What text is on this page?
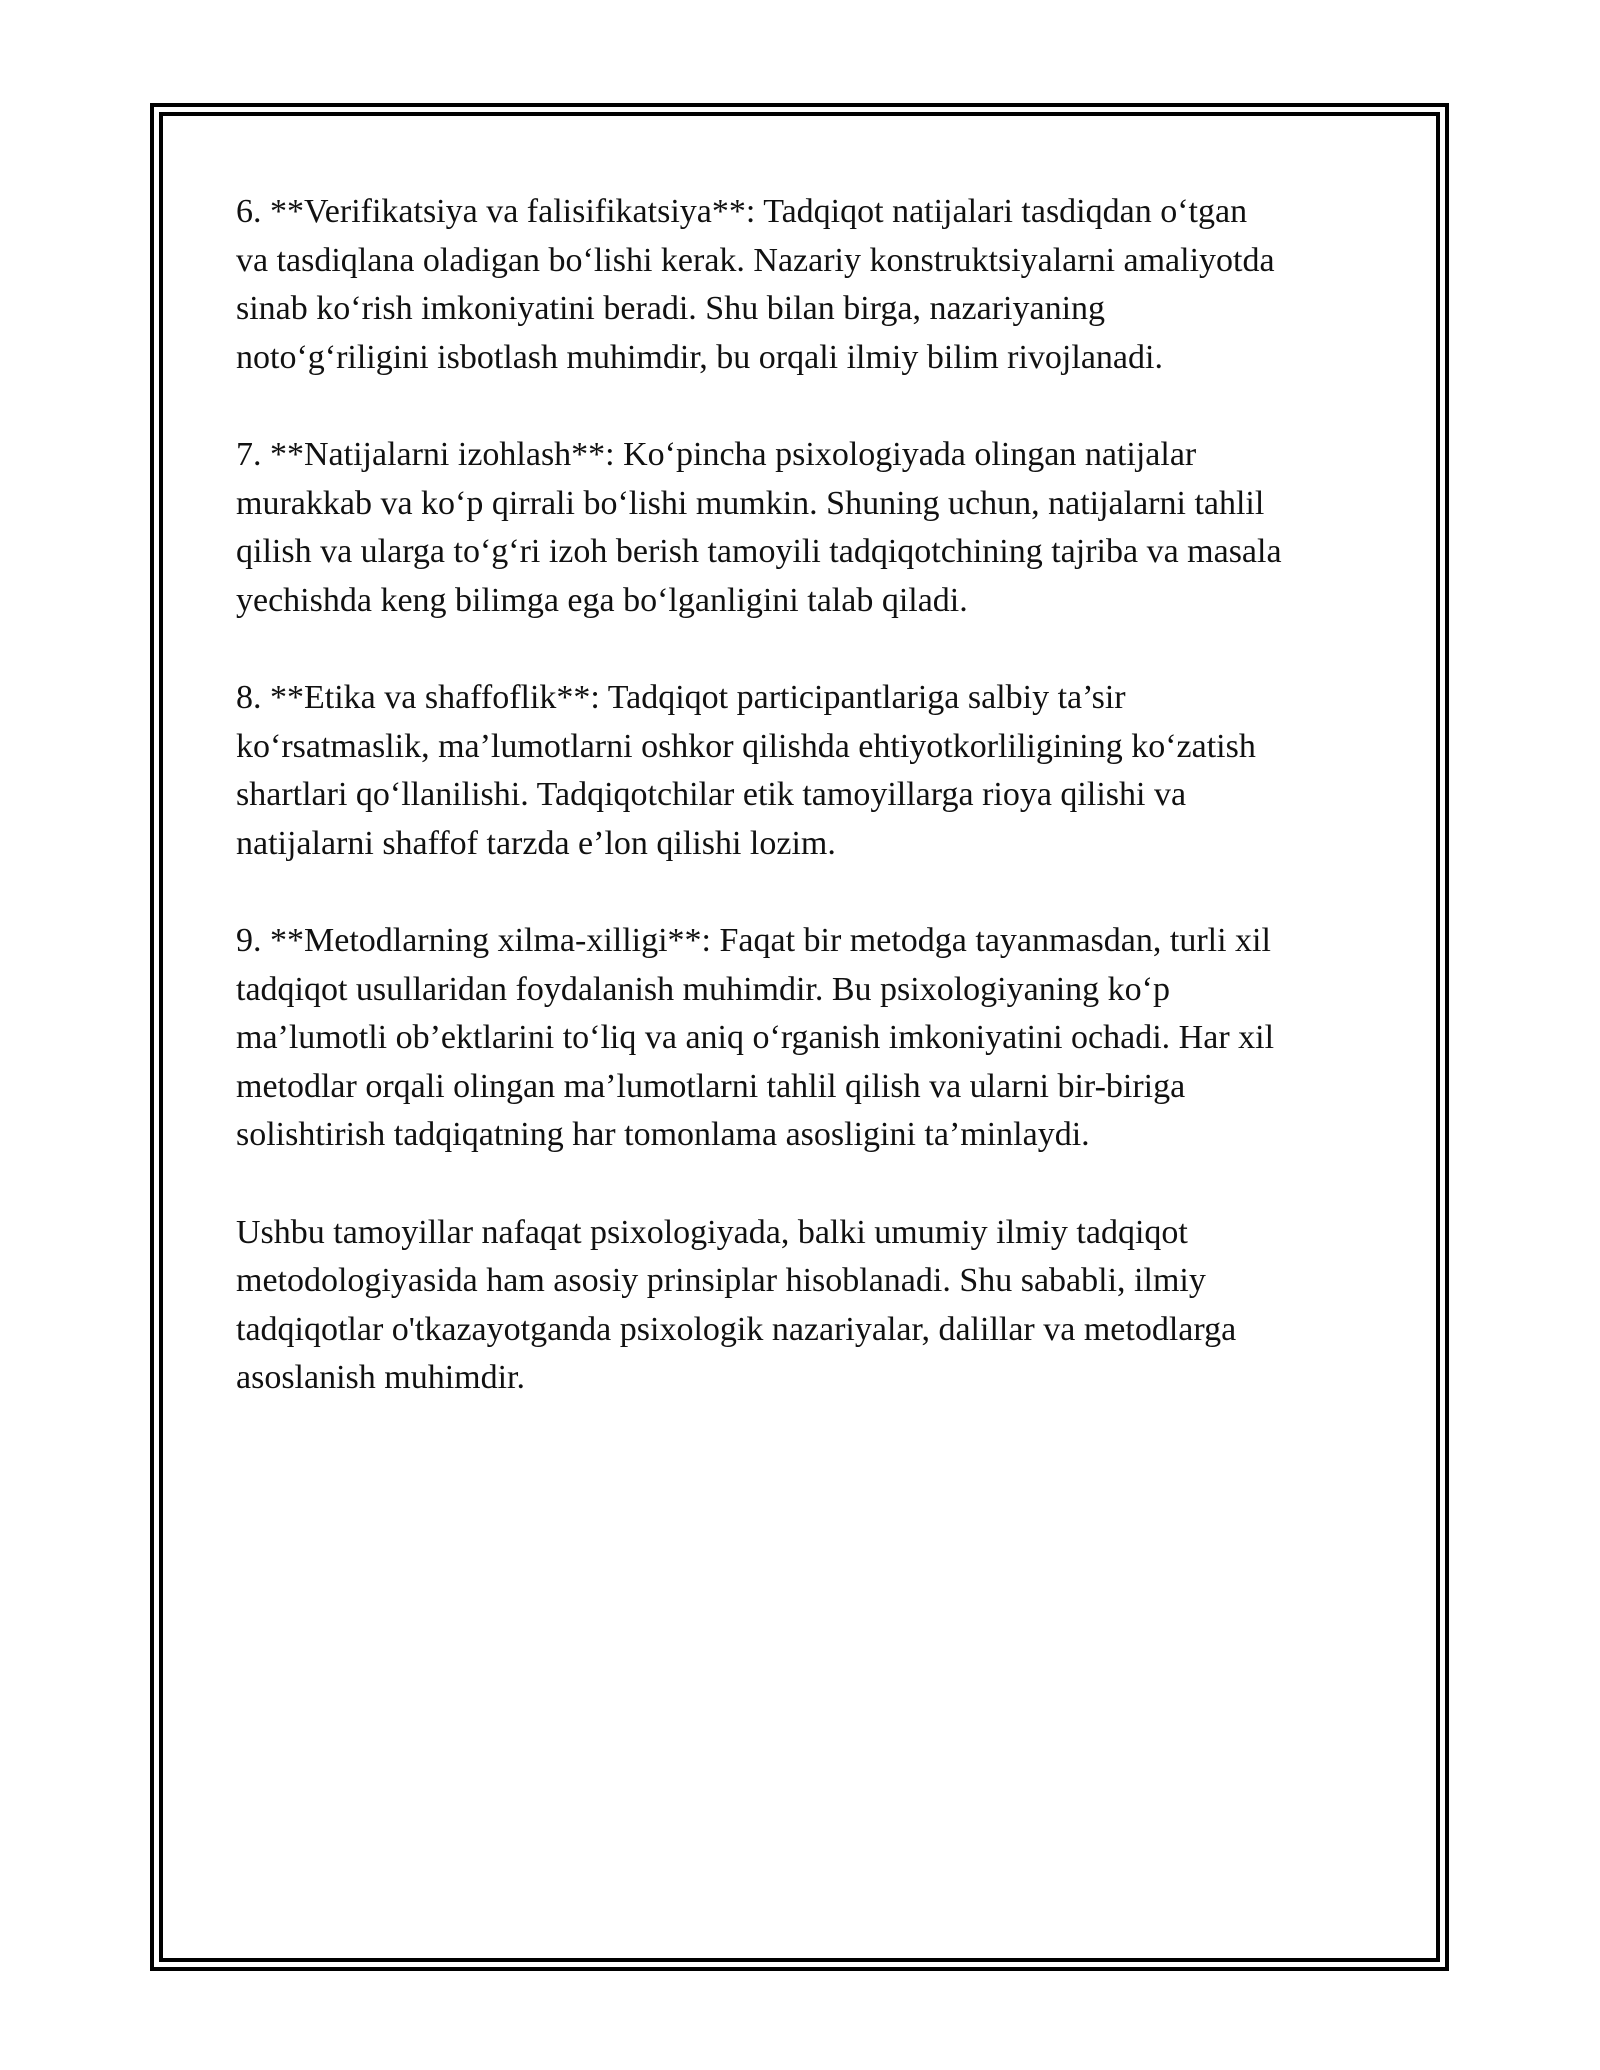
6. **Verifikatsiya va falisifikatsiya**: Tadqiqot natijalari tasdiqdan o‘tgan
va tasdiqlana oladigan bo‘lishi kerak. Nazariy konstruktsiyalarni amaliyotda
sinab ko‘rish imkoniyatini beradi. Shu bilan birga, nazariyaning
noto‘g‘riligini isbotlash muhimdir, bu orqali ilmiy bilim rivojlanadi.

7. **Natijalarni izohlash**: Ko‘pincha psixologiyada olingan natijalar
murakkab va ko‘p qirrali bo‘lishi mumkin. Shuning uchun, natijalarni tahlil
qilish va ularga to‘g‘ri izoh berish tamoyili tadqiqotchining tajriba va masala
yechishda keng bilimga ega bo‘lganligini talab qiladi.

8. **Etika va shaffoflik**: Tadqiqot participantlariga salbiy ta’sir
ko‘rsatmaslik, ma’lumotlarni oshkor qilishda ehtiyotkorliligining ko‘zatish
shartlari qo‘llanilishi. Tadqiqotchilar etik tamoyillarga rioya qilishi va
natijalarni shaffof tarzda e’lon qilishi lozim.

9. **Metodlarning xilma-xilligi**: Faqat bir metodga tayanmasdan, turli xil
tadqiqot usullaridan foydalanish muhimdir. Bu psixologiyaning ko‘p
ma’lumotli ob’ektlarini to‘liq va aniq o‘rganish imkoniyatini ochadi. Har xil
metodlar orqali olingan ma’lumotlarni tahlil qilish va ularni bir-biriga
solishtirish tadqiqatning har tomonlama asosligini ta’minlaydi.

Ushbu tamoyillar nafaqat psixologiyada, balki umumiy ilmiy tadqiqot
metodologiyasida ham asosiy prinsiplar hisoblanadi. Shu sababli, ilmiy
tadqiqotlar o'tkazayotganda psixologik nazariyalar, dalillar va metodlarga
asoslanish muhimdir.
